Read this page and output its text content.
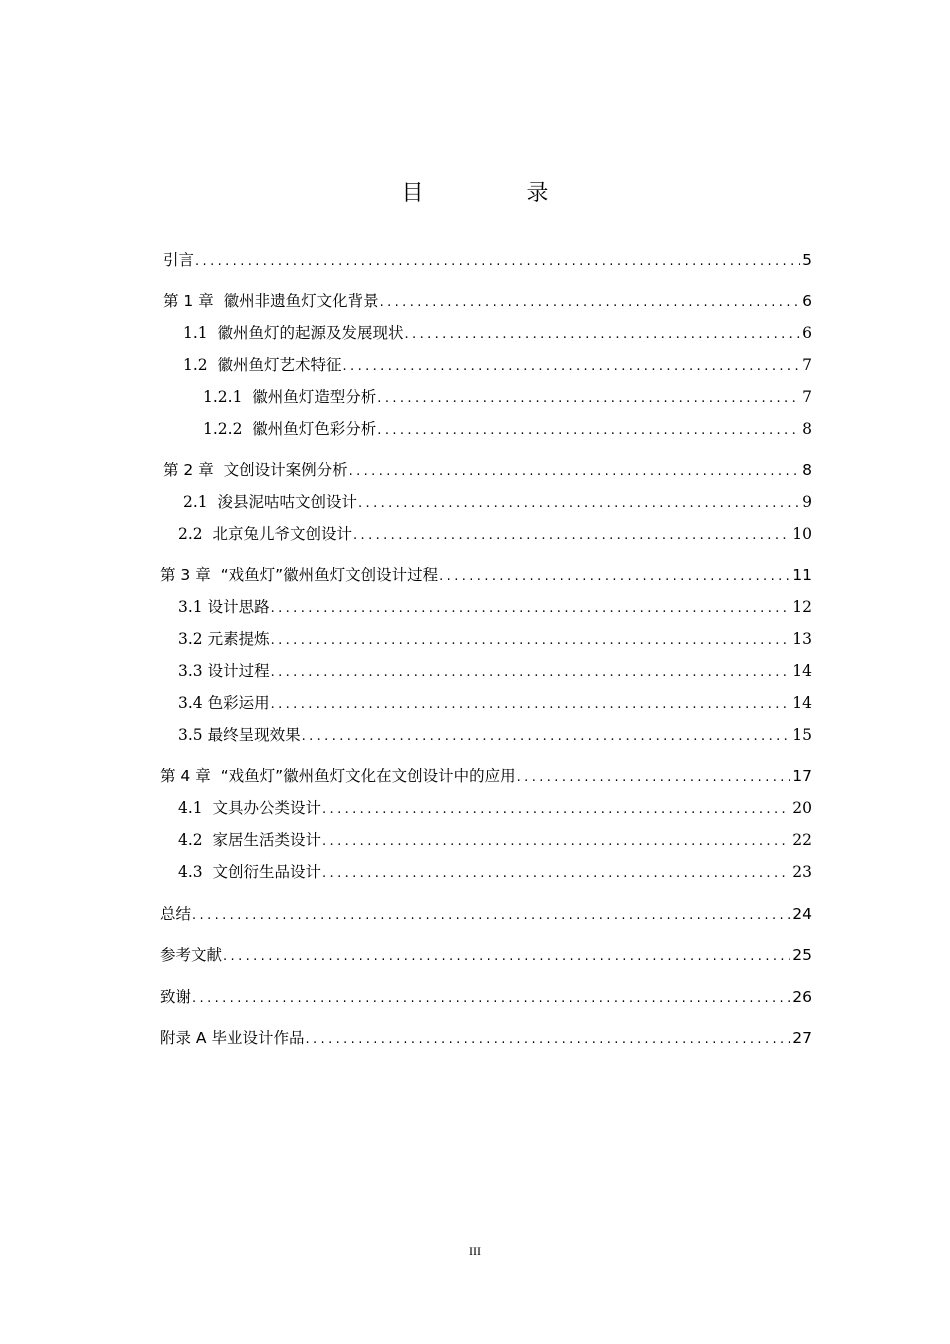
目 录
引言 .....	5
第 1 章  徽州非遗鱼灯文化背景 .....	6
1.1  徽州鱼灯的起源及发展现状 .....	6
1.2  徽州鱼灯艺术特征 .....	7
1.2.1  徽州鱼灯造型分析 .....	7
1.2.2  徽州鱼灯色彩分析 .....	8
第 2 章  文创设计案例分析 .....	8
2.1  浚县泥咕咕文创设计 .....	9
2.2  北京兔儿爷文创设计 .....	10
第 3 章  “戏鱼灯”徽州鱼灯文创设计过程 .....	11
3.1 设计思路 .....	12
3.2 元素提炼 .....	13
3.3 设计过程 .....	14
3.4 色彩运用 .....	14
3.5 最终呈现效果 .....	15
第 4 章  “戏鱼灯”徽州鱼灯文化在文创设计中的应用 .....	17
4.1  文具办公类设计 .....	20
4.2  家居生活类设计 .....	22
4.3  文创衍生品设计 .....	23
总结 .....	24
参考文献 .....	25
致谢 .....	26
附录 A 毕业设计作品 .....	27
III
